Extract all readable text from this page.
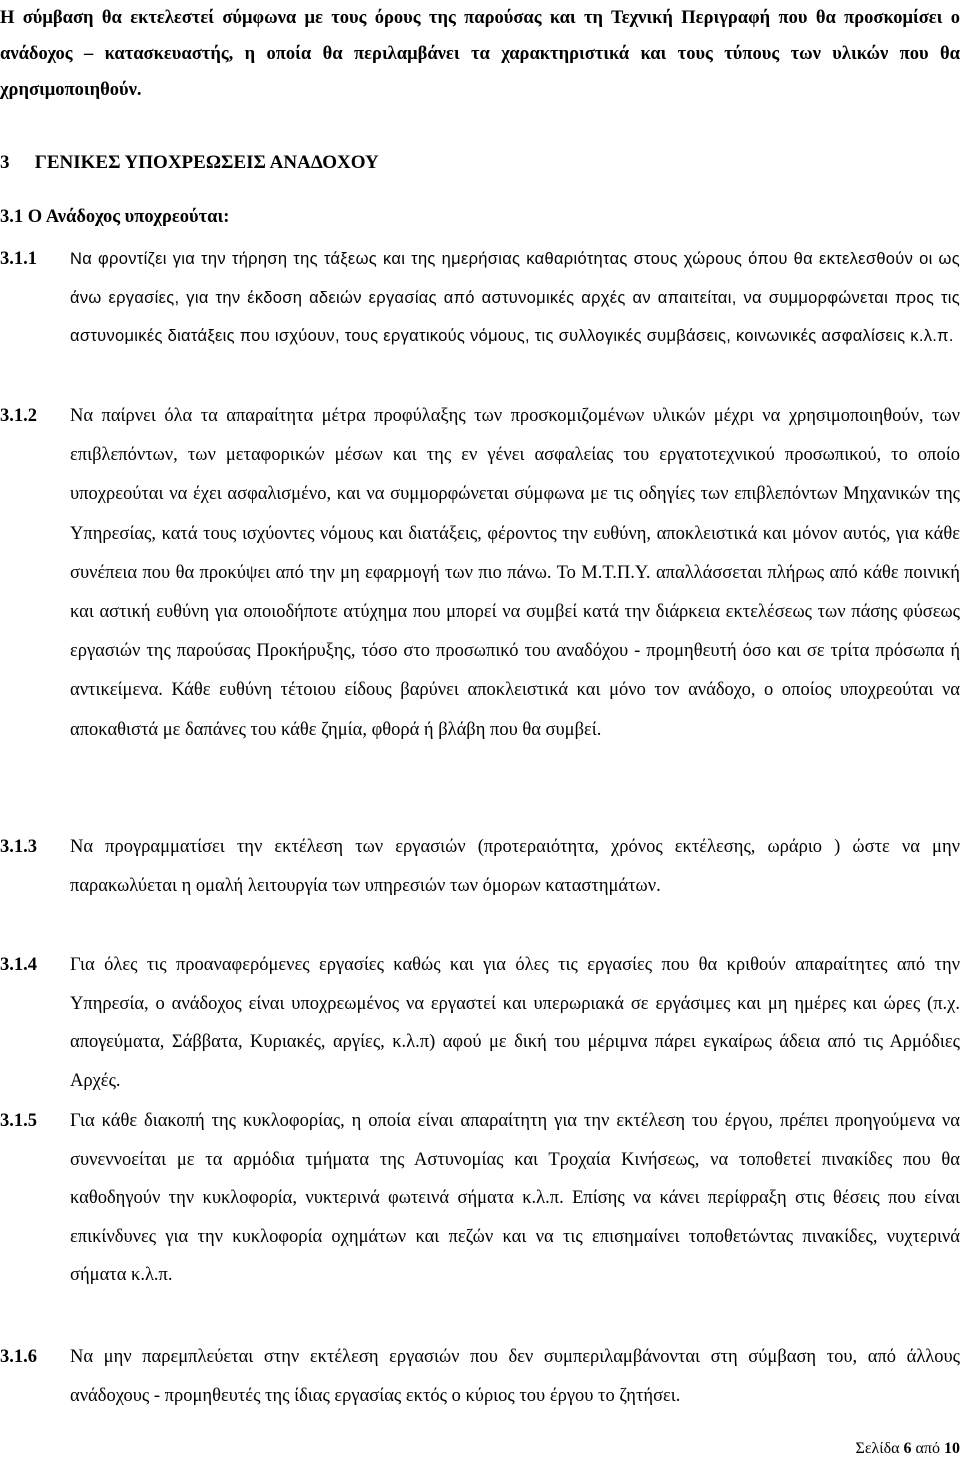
Η σύμβαση θα εκτελεστεί σύμφωνα με τους όρους της παρούσας και τη Τεχνική Περιγραφή που θα προσκομίσει ο ανάδοχος – κατασκευαστής, η οποία θα περιλαμβάνει τα χαρακτηριστικά και τους τύπους των υλικών που θα χρησιμοποιηθούν.

3 ΓΕΝΙΚΕΣ ΥΠΟΧΡΕΩΣΕΙΣ ΑΝΑΔΟΧΟΥ
3.1 Ο Ανάδοχος υποχρεούται:
3.1.1	Να φροντίζει για την τήρηση της τάξεως και της ημερήσιας καθαριότητας στους χώρους όπου θα εκτελεσθούν οι ως άνω εργασίες, για την έκδοση αδειών εργασίας από αστυνομικές αρχές αν απαιτείται, να συμμορφώνεται προς τις αστυνομικές διατάξεις που ισχύουν, τους εργατικούς νόμους, τις συλλογικές συμβάσεις, κοινωνικές ασφαλίσεις κ.λ.π.

3.1.2	Να παίρνει όλα τα απαραίτητα μέτρα προφύλαξης των προσκομιζομένων υλικών μέχρι να χρησιμοποιηθούν, των επιβλεπόντων, των μεταφορικών μέσων και της εν γένει ασφαλείας του εργατοτεχνικού προσωπικού, το οποίο υποχρεούται να έχει ασφαλισμένο, και να συμμορφώνεται σύμφωνα με τις οδηγίες των επιβλεπόντων Μηχανικών της Υπηρεσίας, κατά τους ισχύοντες νόμους και διατάξεις, φέροντος την ευθύνη, αποκλειστικά και μόνον αυτός, για κάθε συνέπεια που θα προκύψει από την μη εφαρμογή των πιο πάνω. Το Μ.Τ.Π.Υ. απαλλάσσεται πλήρως από κάθε ποινική και αστική ευθύνη για οποιοδήποτε ατύχημα που μπορεί να συμβεί κατά την διάρκεια εκτελέσεως των πάσης φύσεως εργασιών της παρούσας Προκήρυξης, τόσο στο προσωπικό του αναδόχου - προμηθευτή όσο και σε τρίτα πρόσωπα ή αντικείμενα. Κάθε ευθύνη τέτοιου είδους βαρύνει αποκλειστικά και μόνο τον ανάδοχο, ο οποίος υποχρεούται να αποκαθιστά με δαπάνες του κάθε ζημία, φθορά ή βλάβη που θα συμβεί.

3.1.3	Να προγραμματίσει την εκτέλεση των εργασιών (προτεραιότητα, χρόνος εκτέλεσης, ωράριο ) ώστε να μην παρακωλύεται η ομαλή λειτουργία των υπηρεσιών των όμορων καταστημάτων.

3.1.4	Για όλες τις προαναφερόμενες εργασίες καθώς και για όλες τις εργασίες που θα κριθούν απαραίτητες από την Υπηρεσία, ο ανάδοχος είναι υποχρεωμένος να εργαστεί και υπερωριακά σε εργάσιμες και μη ημέρες και ώρες (π.χ. απογεύματα, Σάββατα, Κυριακές, αργίες, κ.λ.π) αφού με δική του μέριμνα πάρει εγκαίρως άδεια από τις Αρμόδιες Αρχές.

3.1.5	Για κάθε διακοπή της κυκλοφορίας, η οποία είναι απαραίτητη για την εκτέλεση του έργου, πρέπει προηγούμενα να συνεννοείται με τα αρμόδια τμήματα της Αστυνομίας και Τροχαία Κινήσεως, να τοποθετεί πινακίδες που θα καθοδηγούν την κυκλοφορία, νυκτερινά φωτεινά σήματα κ.λ.π. Επίσης να κάνει περίφραξη στις θέσεις που είναι επικίνδυνες για την κυκλοφορία οχημάτων και πεζών και να τις επισημαίνει τοποθετώντας πινακίδες, νυχτερινά σήματα κ.λ.π.

3.1.6	Να μην παρεμπλεύεται στην εκτέλεση εργασιών που δεν συμπεριλαμβάνονται στη σύμβαση του, από άλλους ανάδοχους - προμηθευτές της ίδιας εργασίας εκτός ο κύριος του έργου το ζητήσει.

Σελίδα 6 από 10
